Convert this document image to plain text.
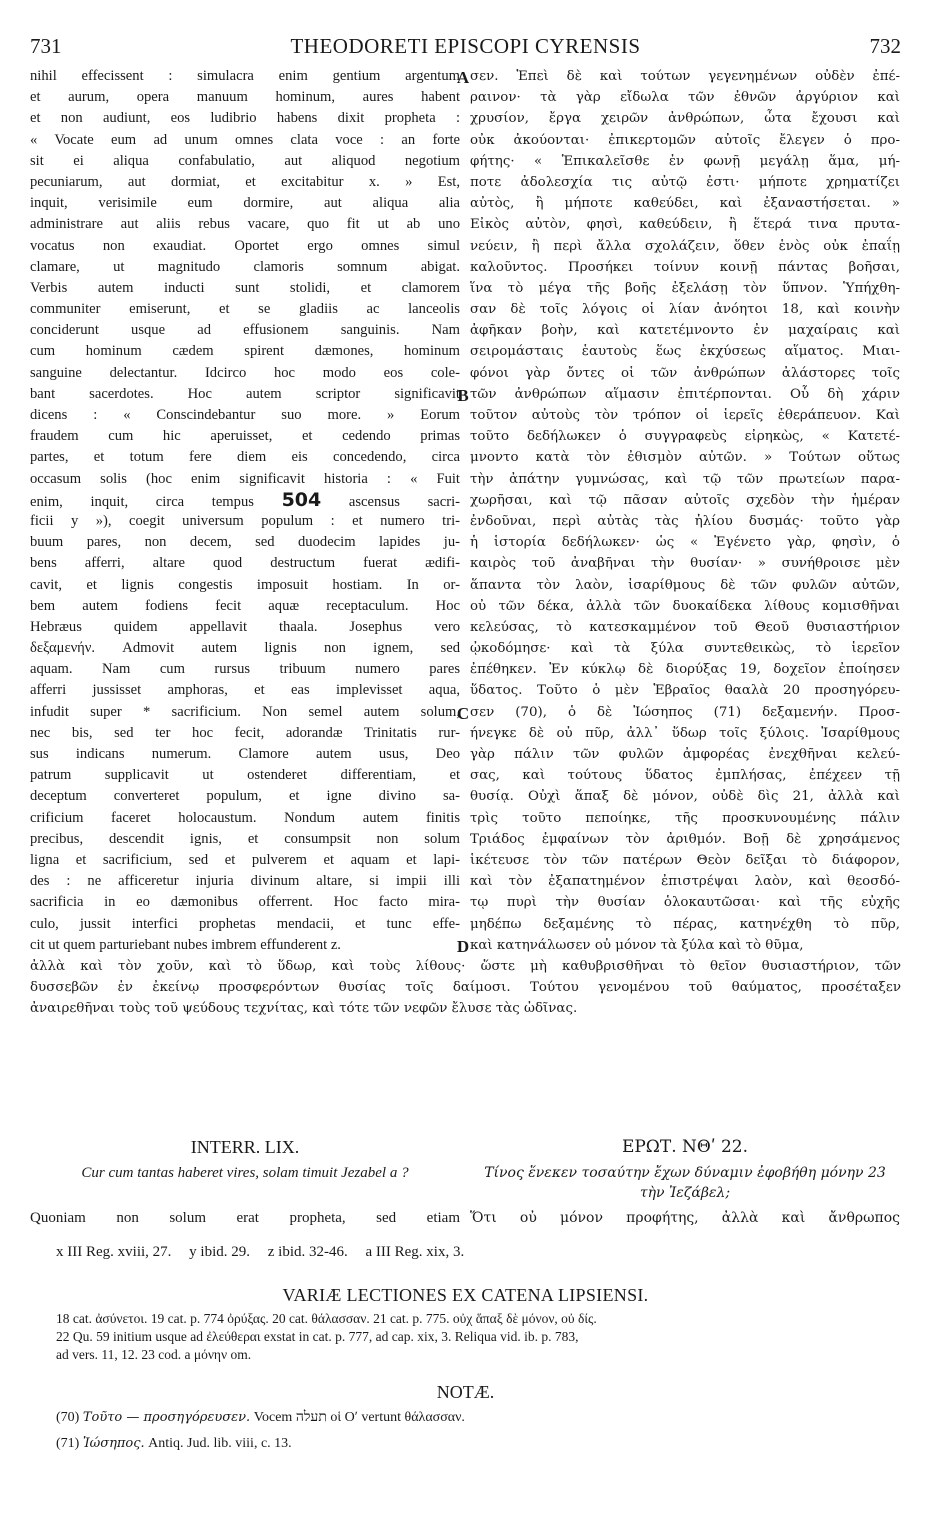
731	THEODORETI EPISCOPI CYRENSIS	732
nihil effecissent : simulacra enim gentium argentum
et aurum, opera manuum hominum, aures habent
et non audiunt, eos ludibrio habens dixit propheta :
« Vocate eum ad unum omnes clata voce : an forte
sit ei aliqua confabulatio, aut aliquod negotium
pecuniarum, aut dormiat, et excitabitur x. » Est,
inquit, verisimile eum dormire, aut aliqua alia
administrare aut aliis rebus vacare, quo fit ut ab uno
vocatus non exaudiat. Oportet ergo omnes simul
clamare, ut magnitudo clamoris somnum abigat.
Verbis autem inducti sunt stolidi, et clamorem
communiter emiserunt, et se gladiis ac lanceolis
conciderunt usque ad effusionem sanguinis. Nam
cum hominum cædem spirent dæmones, hominum
sanguine delectantur. Idcirco hoc modo eos cole-
bant sacerdotes. Hoc autem scriptor significavit
dicens : « Conscindebantur suo more. » Eorum
fraudem cum hic aperuisset, et cedendo primas
partes, et totum fere diem eis concedendo, circa
occasum solis (hoc enim significavit historia : « Fuit
enim, inquit, circa tempus 504 ascensus sacri-
ficii y »), coegit universum populum : et numero tri-
buum pares, non decem, sed duodecim lapides ju-
bens afferri, altare quod destructum fuerat ædifi-
cavit, et lignis congestis imposuit hostiam. In or-
bem autem fodiens fecit aquæ receptaculum. Hoc
Hebræus quidem appellavit thaala. Josephus vero
δεξαμενήν. Admovit autem lignis non ignem, sed
aquam. Nam cum rursus tribuum numero pares
afferri jussisset amphoras, et eas implevisset aqua,
infudit super * sacrificium. Non semel autem solum,
nec bis, sed ter hoc fecit, adorandæ Trinitatis rur-
sus indicans numerum. Clamore autem usus, Deo
patrum supplicavit ut ostenderet differentiam, et
deceptum converteret populum, et igne divino sa-
crificium faceret holocaustum. Nondum autem finitis
precibus, descendit ignis, et consumpsit non solum
ligna et sacrificium, sed et pulverem et aquam et lapi-
des : ne afficeretur injuria divinum altare, si impii illi
sacrificia in eo dæmonibus offerrent. Hoc facto mira-
culo, jussit interfici prophetas mendacii, et tunc effe-
cit ut quem parturiebant nubes imbrem effunderent z.
σεν. Ἐπεὶ δὲ καὶ τούτων γεγενημένων οὐδὲν ἐπέ-
ραινον· τὰ γὰρ εἴδωλα τῶν ἐθνῶν ἀργύριον καὶ
χρυσίον, ἔργα χειρῶν ἀνθρώπων, ὦτα ἔχουσι καὶ
οὐκ ἀκούονται· ἐπικερτομῶν αὐτοῖς ἔλεγεν ὁ προ-
φήτης· « Ἐπικαλεῖσθε ἐν φωνῇ μεγάλῃ ἅμα, μή-
ποτε ἀδολεσχία τις αὐτῷ ἐστι· μήποτε χρηματίζει
αὐτὸς, ἢ μήποτε καθεύδει, καὶ ἐξαναστήσεται. »
Εἰκὸς αὐτὸν, φησὶ, καθεύδειν, ἢ ἕτερά τινα πρυτα-
νεύειν, ἢ περὶ ἄλλα σχολάζειν, ὅθεν ἑνὸς οὐκ ἐπαΐῃ
καλοῦντος. Προσήκει τοίνυν κοινῇ πάντας βοῆσαι,
ἵνα τὸ μέγα τῆς βοῆς ἐξελάσῃ τὸν ὕπνον. Ὑπήχθη-
σαν δὲ τοῖς λόγοις οἱ λίαν ἀνόητοι 18, καὶ κοινὴν
ἀφῆκαν βοὴν, καὶ κατετέμνοντο ἐν μαχαίραις καὶ
σειρομάσταις ἑαυτοὺς ἕως ἐκχύσεως αἵματος. Μιαι-
φόνοι γὰρ ὄντες οἱ τῶν ἀνθρώπων ἀλάστορες τοῖς
τῶν ἀνθρώπων αἵμασιν ἐπιτέρπονται. Οὗ δὴ χάριν
τοῦτον αὐτοὺς τὸν τρόπον οἱ ἱερεῖς ἐθεράπευον. Καὶ
τοῦτο δεδήλωκεν ὁ συγγραφεὺς εἰρηκὼς, « Κατετέ-
μνοντο κατὰ τὸν ἐθισμὸν αὐτῶν. » Τούτων οὕτως
τὴν ἀπάτην γυμνώσας, καὶ τῷ τῶν πρωτείων παρα-
χωρῆσαι, καὶ τῷ πᾶσαν αὐτοῖς σχεδὸν τὴν ἡμέραν
ἐνδοῦναι, περὶ αὐτὰς τὰς ἡλίου δυσμάς· τοῦτο γὰρ
ἡ ἱστορία δεδήλωκεν· ὡς « Ἐγένετο γὰρ, φησὶν, ὁ
καιρὸς τοῦ ἀναβῆναι τὴν θυσίαν· » συνήθροισε μὲν
ἅπαντα τὸν λαὸν, ἰσαρίθμους δὲ τῶν φυλῶν αὐτῶν,
οὐ τῶν δέκα, ἀλλὰ τῶν δυοκαίδεκα λίθους κομισθῆναι
κελεύσας, τὸ κατεσκαμμένον τοῦ Θεοῦ θυσιαστήριον
ᾠκοδόμησε· καὶ τὰ ξύλα συντεθεικὼς, τὸ ἱερεῖον
ἐπέθηκεν. Ἐν κύκλῳ δὲ διορύξας 19, δοχεῖον ἐποίησεν
ὕδατος. Τοῦτο ὁ μὲν Ἑβραῖος θααλὰ 20 προσηγόρευ-
σεν (70), ὁ δὲ Ἰώσηπος (71) δεξαμενήν. Προσ-
ήνεγκε δὲ οὐ πῦρ, ἀλλ᾽ ὕδωρ τοῖς ξύλοις. Ἰσαρίθμους
γὰρ πάλιν τῶν φυλῶν ἀμφορέας ἐνεχθῆναι κελεύ-
σας, καὶ τούτους ὕδατος ἐμπλήσας, ἐπέχεεν τῇ
θυσίᾳ. Οὐχὶ ἅπαξ δὲ μόνον, οὐδὲ δὶς 21, ἀλλὰ καὶ
τρὶς τοῦτο πεποίηκε, τῆς προσκυνουμένης πάλιν
Τριάδος ἐμφαίνων τὸν ἀριθμόν. Βοῇ δὲ χρησάμενος
ἱκέτευσε τὸν τῶν πατέρων Θεὸν δεῖξαι τὸ διάφορον,
καὶ τὸν ἐξαπατημένον ἐπιστρέψαι λαὸν, καὶ θεοσδό-
τῳ πυρὶ τὴν θυσίαν ὁλοκαυτῶσαι· καὶ τῆς εὐχῆς
μηδέπω δεξαμένης τὸ πέρας, κατηνέχθη τὸ πῦρ,
καὶ κατηνάλωσεν οὐ μόνον τὰ ξύλα καὶ τὸ θῦμα,
A
B
C
D
ἀλλὰ καὶ τὸν χοῦν, καὶ τὸ ὕδωρ, καὶ τοὺς λίθους· ὥστε μὴ καθυβρισθῆναι τὸ θεῖον θυσιαστήριον, τῶν
δυσσεβῶν ἐν ἐκείνῳ προσφερόντων θυσίας τοῖς δαίμοσι. Τούτου γενομένου τοῦ θαύματος, προσέταξεν
ἀναιρεθῆναι τοὺς τοῦ ψεύδους τεχνίτας, καὶ τότε τῶν νεφῶν ἔλυσε τὰς ὠδῖνας.
INTERR. LIX.	ΕΡΩΤ. ΝΘʹ 22.
Cur cum tantas haberet vires, solam timuit Jezabel a ?	Τίνος ἕνεκεν τοσαύτην ἔχων δύναμιν ἐφοβήθη μόνην 23 τὴν Ἰεζάβελ;
Quoniam non solum erat propheta, sed etiam Ὅτι οὐ μόνον προφήτης, ἀλλὰ καὶ ἄνθρωπος
x III Reg. xviii, 27. y ibid. 29. z ibid. 32-46. a III Reg. xix, 3.
VARIÆ LECTIONES EX CATENA LIPSIENSI.
18 cat. ἀσύνετοι. 19 cat. p. 774 ὀρύξας. 20 cat. θάλασσαν. 21 cat. p. 775. οὐχ ἅπαξ δὲ μόνον, οὐ δίς.
22 Qu. 59 initium usque ad ἐλεύθεραι exstat in cat. p. 777, ad cap. xix, 3. Reliqua vid. ib. p. 783,
ad vers. 11, 12. 23 cod. a μόνην om.
NOTÆ.
(70) Τοῦτο — προσηγόρευσεν. Vocem תעלה οἱ Οʹ vertunt θάλασσαν.
(71) Ἰώσηπος. Antiq. Jud. lib. viii, c. 13.
